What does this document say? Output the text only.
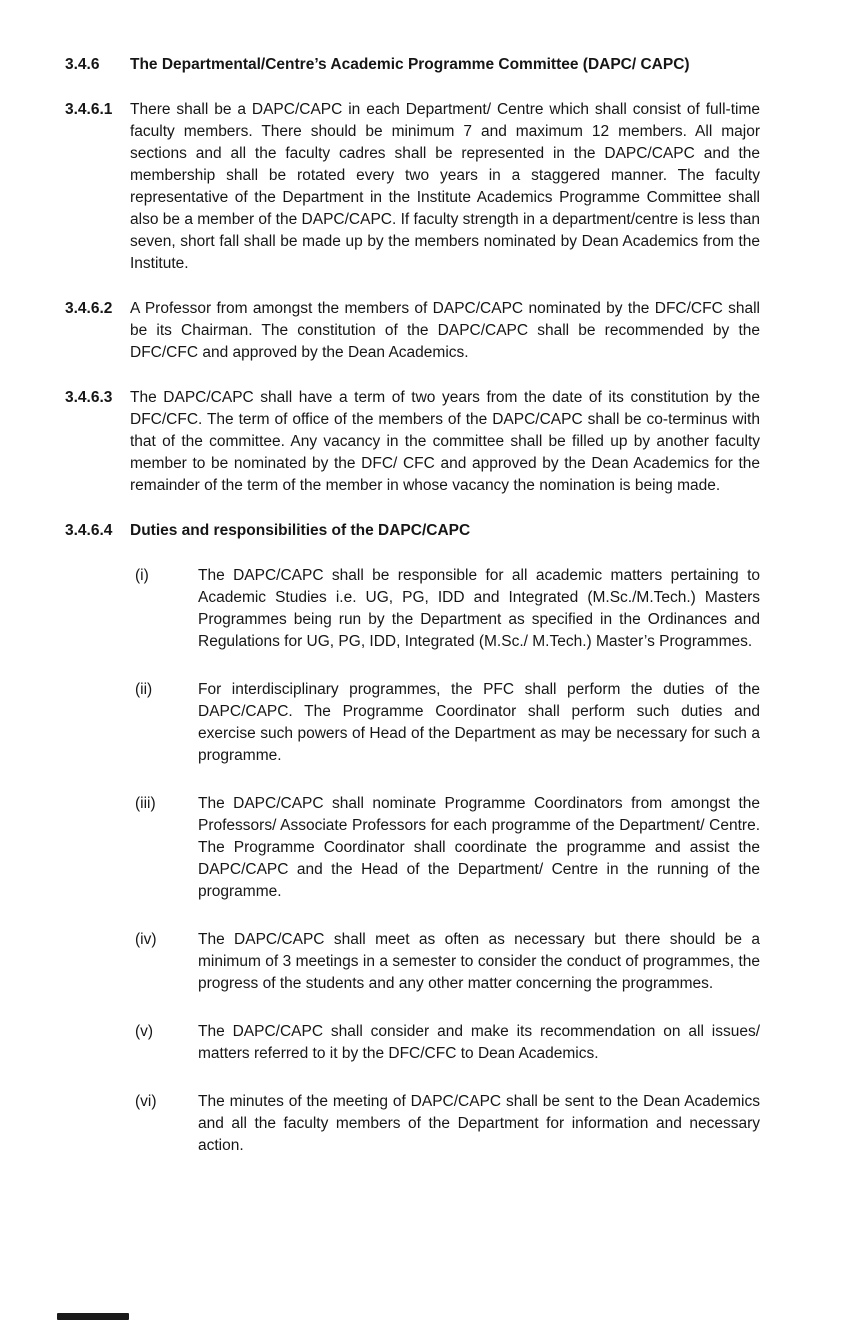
3.4.6	The Departmental/Centre’s Academic Programme Committee (DAPC/ CAPC)
3.4.6.1	There shall be a DAPC/CAPC in each Department/ Centre which shall consist of full-time faculty members. There should be minimum 7 and maximum 12 members. All major sections and all the faculty cadres shall be represented in the DAPC/CAPC and the membership shall be rotated every two years in a staggered manner. The faculty representative of the Department in the Institute Academics Programme Committee shall also be a member of the DAPC/CAPC. If faculty strength in a department/centre is less than seven, short fall shall be made up by the members nominated by Dean Academics from the Institute.
3.4.6.2	A Professor from amongst the members of DAPC/CAPC nominated by the DFC/CFC shall be its Chairman. The constitution of the DAPC/CAPC shall be recommended by the DFC/CFC and approved by the Dean Academics.
3.4.6.3	The DAPC/CAPC shall have a term of two years from the date of its constitution by the DFC/CFC. The term of office of the members of the DAPC/CAPC shall be co-terminus with that of the committee. Any vacancy in the committee shall be filled up by another faculty member to be nominated by the DFC/ CFC and approved by the Dean Academics for the remainder of the term of the member in whose vacancy the nomination is being made.
3.4.6.4	Duties and responsibilities of the DAPC/CAPC
(i)	The DAPC/CAPC shall be responsible for all academic matters pertaining to Academic Studies i.e. UG, PG, IDD and Integrated (M.Sc./M.Tech.) Masters Programmes being run by the Department as specified in the Ordinances and Regulations for UG, PG, IDD, Integrated (M.Sc./ M.Tech.) Master’s Programmes.
(ii)	For interdisciplinary programmes, the PFC shall perform the duties of the DAPC/CAPC. The Programme Coordinator shall perform such duties and exercise such powers of Head of the Department as may be necessary for such a programme.
(iii)	The DAPC/CAPC shall nominate Programme Coordinators from amongst the Professors/ Associate Professors for each programme of the Department/ Centre. The Programme Coordinator shall coordinate the programme and assist the DAPC/CAPC and the Head of the Department/ Centre in the running of the programme.
(iv)	The DAPC/CAPC shall meet as often as necessary but there should be a minimum of 3 meetings in a semester to consider the conduct of programmes, the progress of the students and any other matter concerning the programmes.
(v)	The DAPC/CAPC shall consider and make its recommendation on all issues/ matters referred to it by the DFC/CFC to Dean Academics.
(vi)	The minutes of the meeting of DAPC/CAPC shall be sent to the Dean Academics and all the faculty members of the Department for information and necessary action.
